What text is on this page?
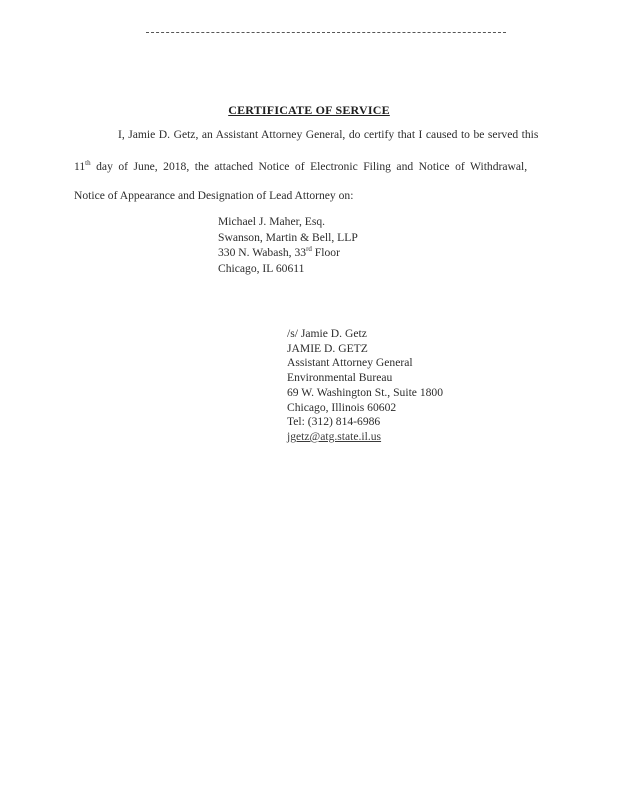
CERTIFICATE OF SERVICE
I, Jamie D. Getz, an Assistant Attorney General, do certify that I caused to be served this
11th day of June, 2018, the attached Notice of Electronic Filing and Notice of Withdrawal,
Notice of Appearance and Designation of Lead Attorney on:
Michael J. Maher, Esq.
Swanson, Martin & Bell, LLP
330 N. Wabash, 33rd Floor
Chicago, IL 60611
/s/ Jamie D. Getz
JAMIE D. GETZ
Assistant Attorney General
Environmental Bureau
69 W. Washington St., Suite 1800
Chicago, Illinois 60602
Tel: (312) 814-6986
jgetz@atg.state.il.us
